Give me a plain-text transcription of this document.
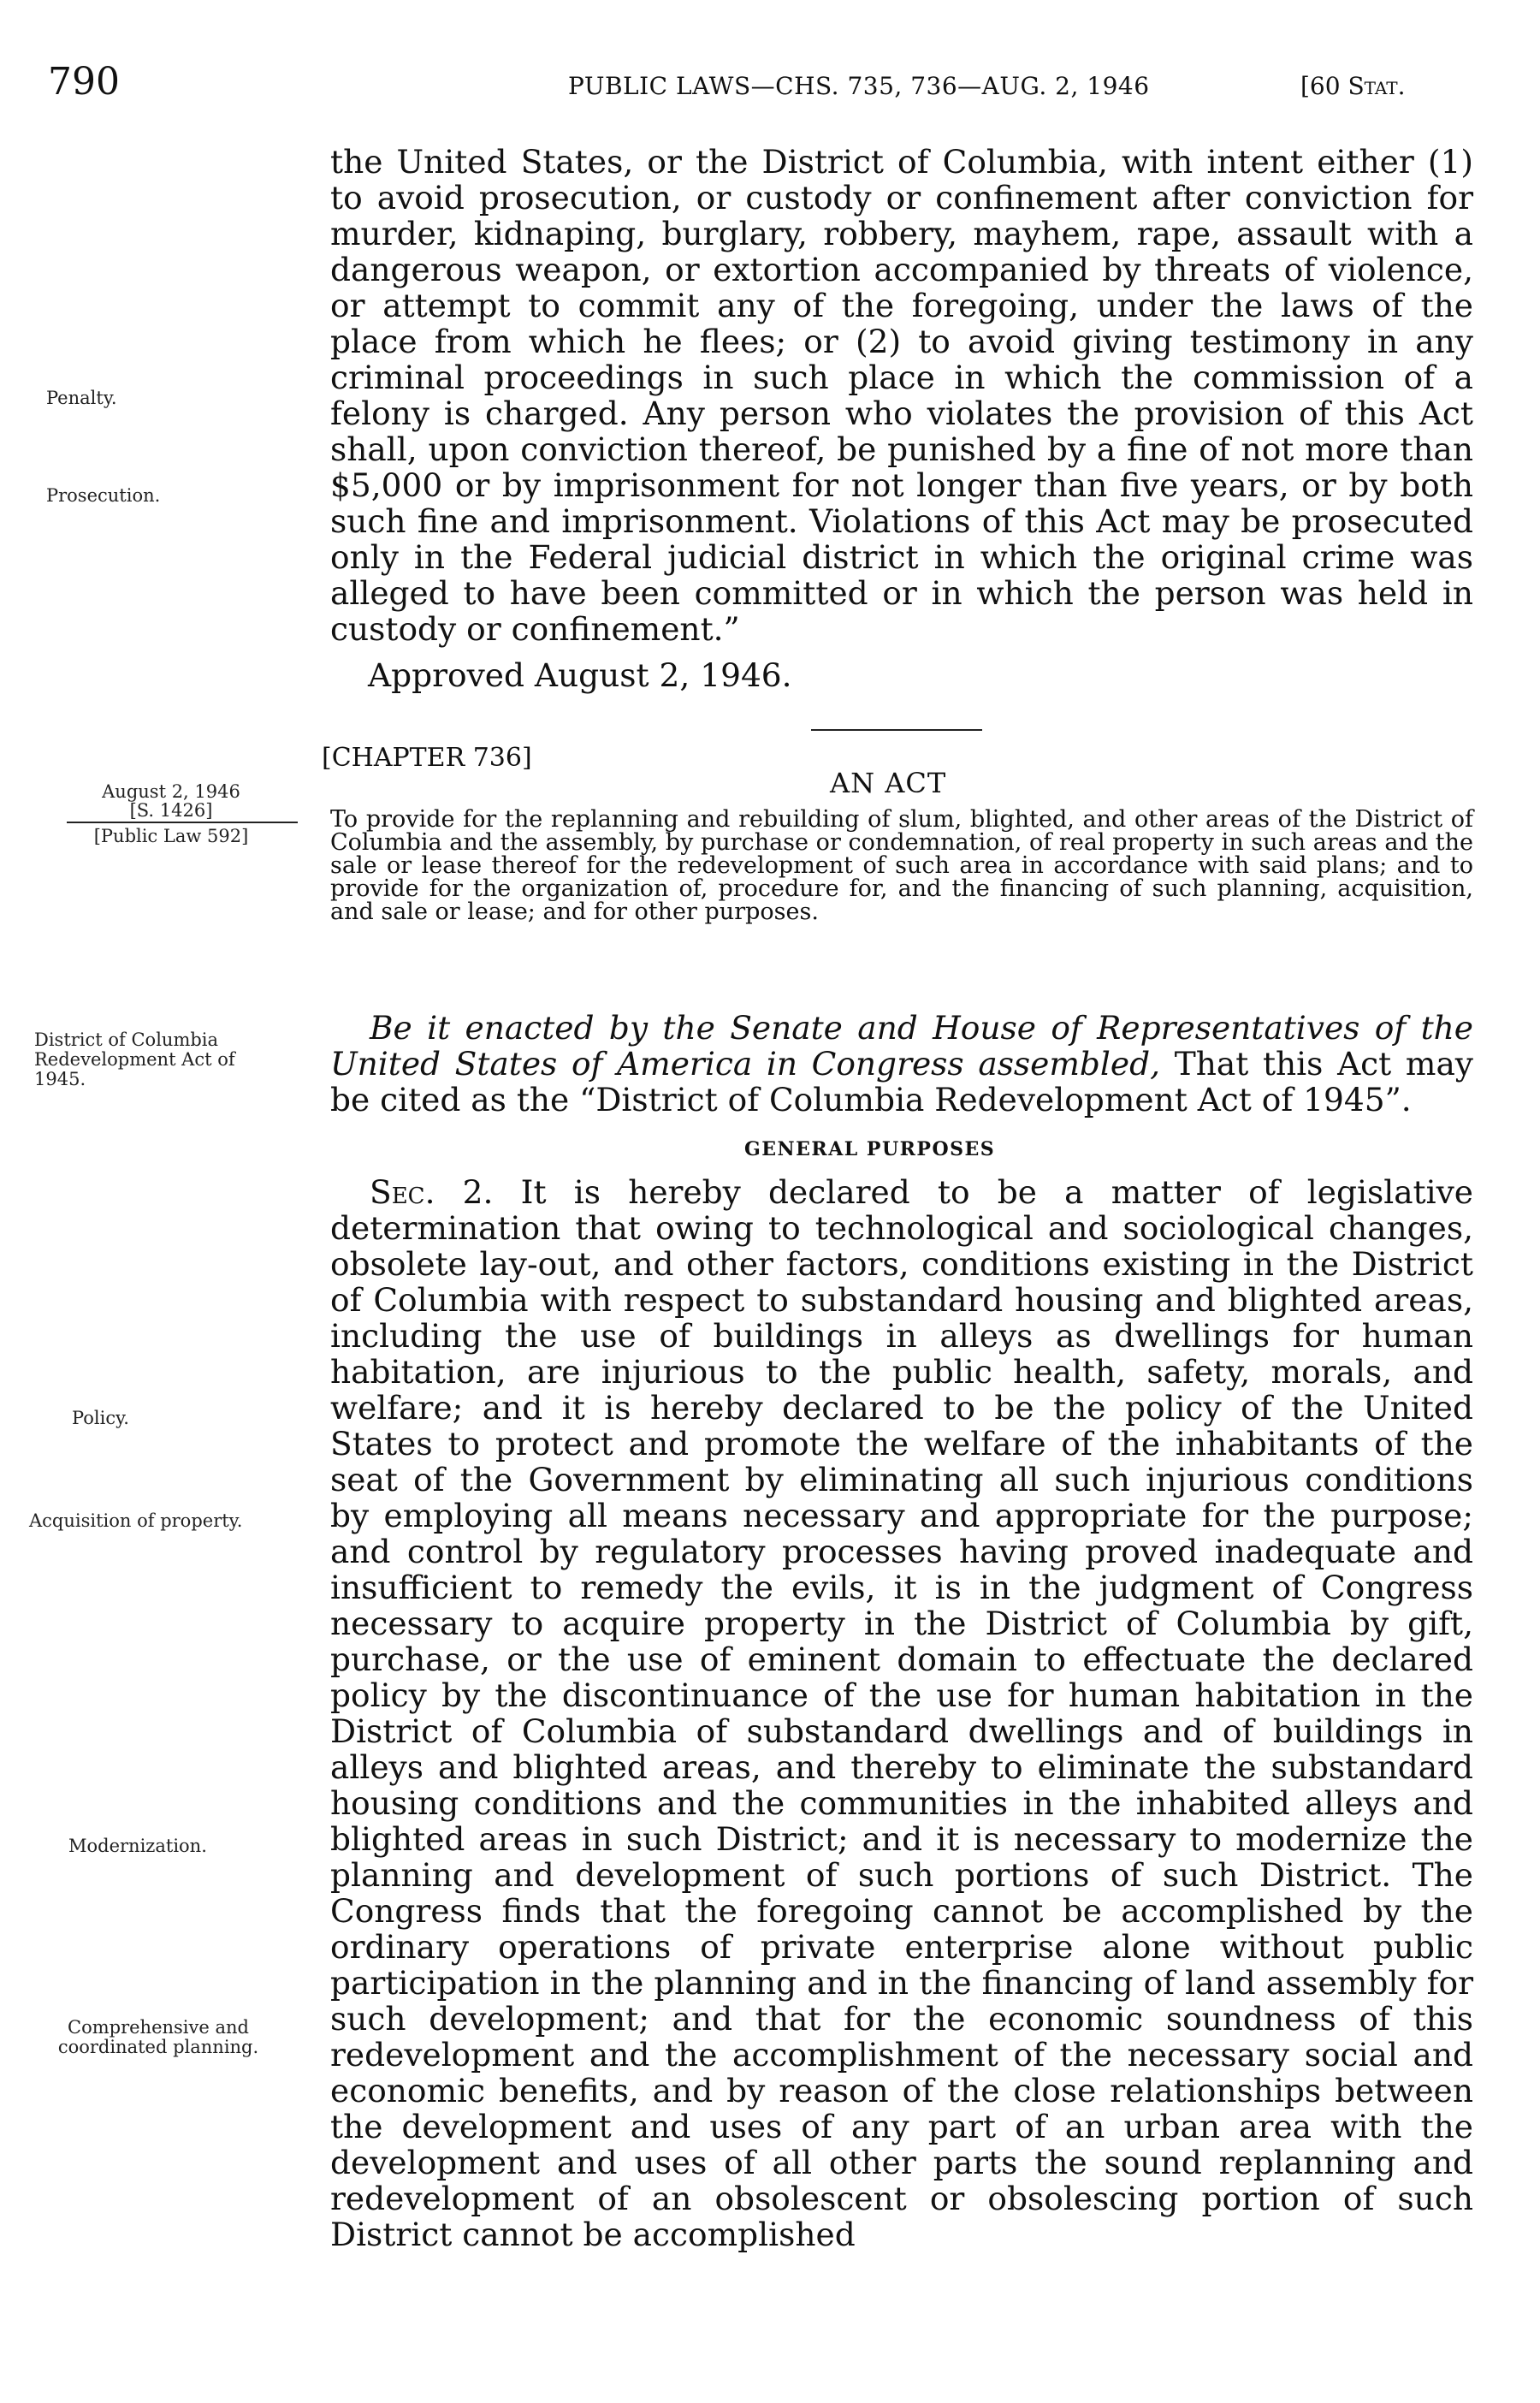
790	PUBLIC LAWS—CHS. 735, 736—AUG. 2, 1946	[60 Stat.
Penalty.
Prosecution.
August 2, 1946
[S. 1426]
[Public Law 592]
District of Columbia Redevelopment Act of 1945.
Policy.
Acquisition of property.
Modernization.
Comprehensive and coordinated planning.

the United States, or the District of Columbia, with intent either (1) to avoid prosecution, or custody or confinement after conviction for murder, kidnaping, burglary, robbery, mayhem, rape, assault with a dangerous weapon, or extortion accompanied by threats of violence, or attempt to commit any of the foregoing, under the laws of the place from which he flees; or (2) to avoid giving testimony in any criminal proceedings in such place in which the commission of a felony is charged. Any person who violates the provision of this Act shall, upon conviction thereof, be punished by a fine of not more than $5,000 or by imprisonment for not longer than five years, or by both such fine and imprisonment. Violations of this Act may be prosecuted only in the Federal judicial district in which the original crime was alleged to have been committed or in which the person was held in custody or confinement.”

Approved August 2, 1946.

[CHAPTER 736]
AN ACT
To provide for the replanning and rebuilding of slum, blighted, and other areas of the District of Columbia and the assembly, by purchase or condemnation, of real property in such areas and the sale or lease thereof for the redevelopment of such area in accordance with said plans; and to provide for the organization of, procedure for, and the financing of such planning, acquisition, and sale or lease; and for other purposes.

Be it enacted by the Senate and House of Representatives of the United States of America in Congress assembled, That this Act may be cited as the “District of Columbia Redevelopment Act of 1945”.

GENERAL PURPOSES

Sec. 2. It is hereby declared to be a matter of legislative determination that owing to technological and sociological changes, obsolete lay-out, and other factors, conditions existing in the District of Columbia with respect to substandard housing and blighted areas, including the use of buildings in alleys as dwellings for human habitation, are injurious to the public health, safety, morals, and welfare; and it is hereby declared to be the policy of the United States to protect and promote the welfare of the inhabitants of the seat of the Government by eliminating all such injurious conditions by employing all means necessary and appropriate for the purpose; and control by regulatory processes having proved inadequate and insufficient to remedy the evils, it is in the judgment of Congress necessary to acquire property in the District of Columbia by gift, purchase, or the use of eminent domain to effectuate the declared policy by the discontinuance of the use for human habitation in the District of Columbia of substandard dwellings and of buildings in alleys and blighted areas, and thereby to eliminate the substandard housing conditions and the communities in the inhabited alleys and blighted areas in such District; and it is necessary to modernize the planning and development of such portions of such District. The Congress finds that the foregoing cannot be accomplished by the ordinary operations of private enterprise alone without public participation in the planning and in the financing of land assembly for such development; and that for the economic soundness of this redevelopment and the accomplishment of the necessary social and economic benefits, and by reason of the close relationships between the development and uses of any part of an urban area with the development and uses of all other parts the sound replanning and redevelopment of an obsolescent or obsolescing portion of such District cannot be accomplished
